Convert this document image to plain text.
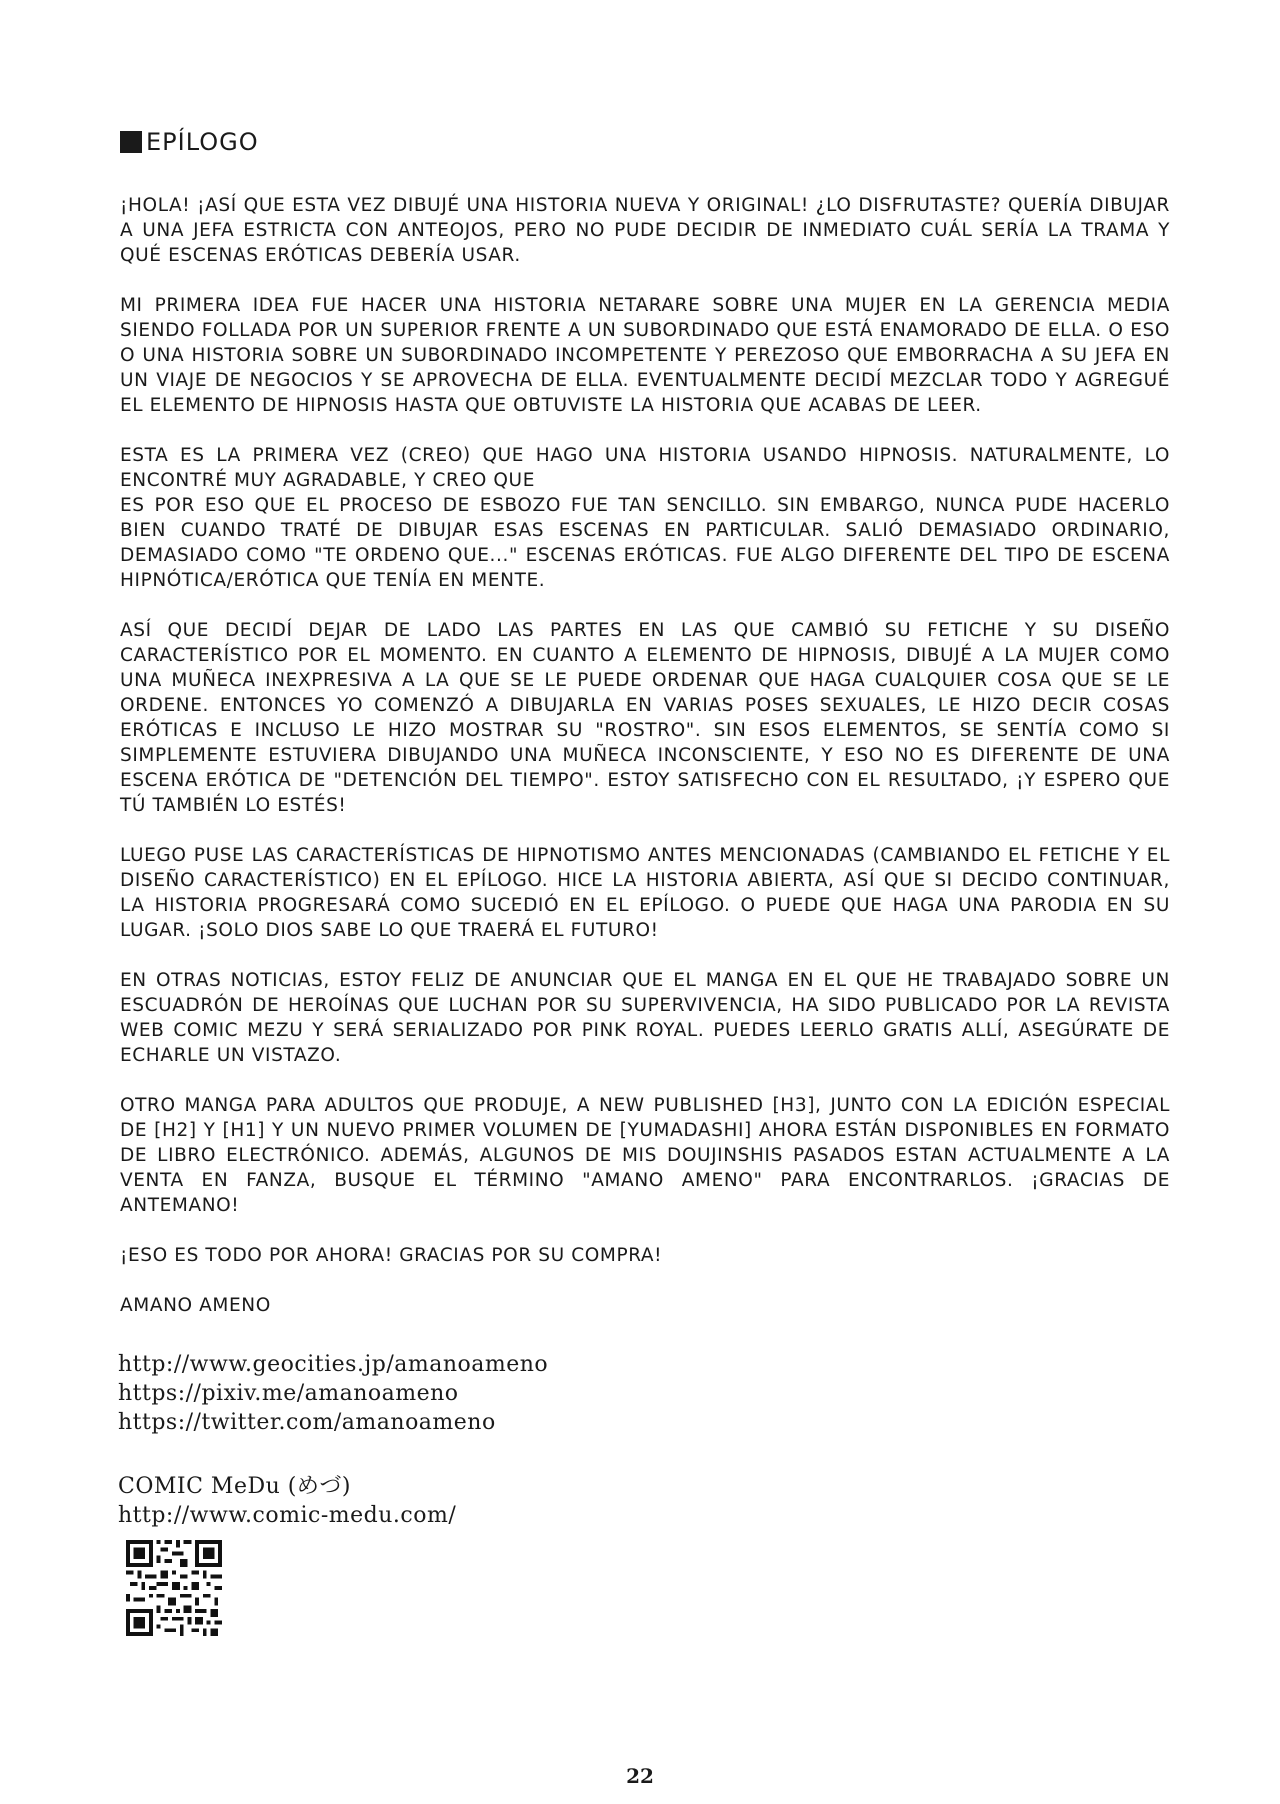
EPÍLOGO

¡HOLA! ¡ASÍ QUE ESTA VEZ DIBUJÉ UNA HISTORIA NUEVA Y ORIGINAL! ¿LO DISFRUTASTE? QUERÍA DIBUJAR A UNA JEFA ESTRICTA CON ANTEOJOS, PERO NO PUDE DECIDIR DE INMEDIATO CUÁL SERÍA LA TRAMA Y QUÉ ESCENAS ERÓTICAS DEBERÍA USAR.

MI PRIMERA IDEA FUE HACER UNA HISTORIA NETARARE SOBRE UNA MUJER EN LA GERENCIA MEDIA SIENDO FOLLADA POR UN SUPERIOR FRENTE A UN SUBORDINADO QUE ESTÁ ENAMORADO DE ELLA. O ESO O UNA HISTORIA SOBRE UN SUBORDINADO INCOMPETENTE Y PEREZOSO QUE EMBORRACHA A SU JEFA EN UN VIAJE DE NEGOCIOS Y SE APROVECHA DE ELLA. EVENTUALMENTE DECIDÍ MEZCLAR TODO Y AGREGUÉ EL ELEMENTO DE HIPNOSIS HASTA QUE OBTUVISTE LA HISTORIA QUE ACABAS DE LEER.

ESTA ES LA PRIMERA VEZ (CREO) QUE HAGO UNA HISTORIA USANDO HIPNOSIS. NATURALMENTE, LO ENCONTRÉ MUY AGRADABLE, Y CREO QUE

ES POR ESO QUE EL PROCESO DE ESBOZO FUE TAN SENCILLO. SIN EMBARGO, NUNCA PUDE HACERLO BIEN CUANDO TRATÉ DE DIBUJAR ESAS ESCENAS EN PARTICULAR. SALIÓ DEMASIADO ORDINARIO, DEMASIADO COMO "TE ORDENO QUE..." ESCENAS ERÓTICAS. FUE ALGO DIFERENTE DEL TIPO DE ESCENA HIPNÓTICA/ERÓTICA QUE TENÍA EN MENTE.

ASÍ QUE DECIDÍ DEJAR DE LADO LAS PARTES EN LAS QUE CAMBIÓ SU FETICHE Y SU DISEÑO CARACTERÍSTICO POR EL MOMENTO. EN CUANTO A ELEMENTO DE HIPNOSIS, DIBUJÉ A LA MUJER COMO UNA MUÑECA INEXPRESIVA A LA QUE SE LE PUEDE ORDENAR QUE HAGA CUALQUIER COSA QUE SE LE ORDENE. ENTONCES YO COMENZÓ A DIBUJARLA EN VARIAS POSES SEXUALES, LE HIZO DECIR COSAS ERÓTICAS E INCLUSO LE HIZO MOSTRAR SU "ROSTRO". SIN ESOS ELEMENTOS, SE SENTÍA COMO SI SIMPLEMENTE ESTUVIERA DIBUJANDO UNA MUÑECA INCONSCIENTE, Y ESO NO ES DIFERENTE DE UNA ESCENA ERÓTICA DE "DETENCIÓN DEL TIEMPO". ESTOY SATISFECHO CON EL RESULTADO, ¡Y ESPERO QUE TÚ TAMBIÉN LO ESTÉS!

LUEGO PUSE LAS CARACTERÍSTICAS DE HIPNOTISMO ANTES MENCIONADAS (CAMBIANDO EL FETICHE Y EL DISEÑO CARACTERÍSTICO) EN EL EPÍLOGO. HICE LA HISTORIA ABIERTA, ASÍ QUE SI DECIDO CONTINUAR, LA HISTORIA PROGRESARÁ COMO SUCEDIÓ EN EL EPÍLOGO. O PUEDE QUE HAGA UNA PARODIA EN SU LUGAR. ¡SOLO DIOS SABE LO QUE TRAERÁ EL FUTURO!

EN OTRAS NOTICIAS, ESTOY FELIZ DE ANUNCIAR QUE EL MANGA EN EL QUE HE TRABAJADO SOBRE UN ESCUADRÓN DE HEROÍNAS QUE LUCHAN POR SU SUPERVIVENCIA, HA SIDO PUBLICADO POR LA REVISTA WEB COMIC MEZU Y SERÁ SERIALIZADO POR PINK ROYAL. PUEDES LEERLO GRATIS ALLÍ, ASEGÚRATE DE ECHARLE UN VISTAZO.

OTRO MANGA PARA ADULTOS QUE PRODUJE, A NEW PUBLISHED [H3], JUNTO CON LA EDICIÓN ESPECIAL DE [H2] Y [H1] Y UN NUEVO PRIMER VOLUMEN DE [YUMADASHI] AHORA ESTÁN DISPONIBLES EN FORMATO DE LIBRO ELECTRÓNICO. ADEMÁS, ALGUNOS DE MIS DOUJINSHIS PASADOS ESTAN ACTUALMENTE A LA VENTA EN FANZA, BUSQUE EL TÉRMINO "AMANO AMENO" PARA ENCONTRARLOS. ¡GRACIAS DE ANTEMANO!

¡ESO ES TODO POR AHORA! GRACIAS POR SU COMPRA!

AMANO AMENO

http://www.geocities.jp/amanoameno
https://pixiv.me/amanoameno
https://twitter.com/amanoameno
COMIC MeDu (めづ)
http://www.comic-medu.com/
22
